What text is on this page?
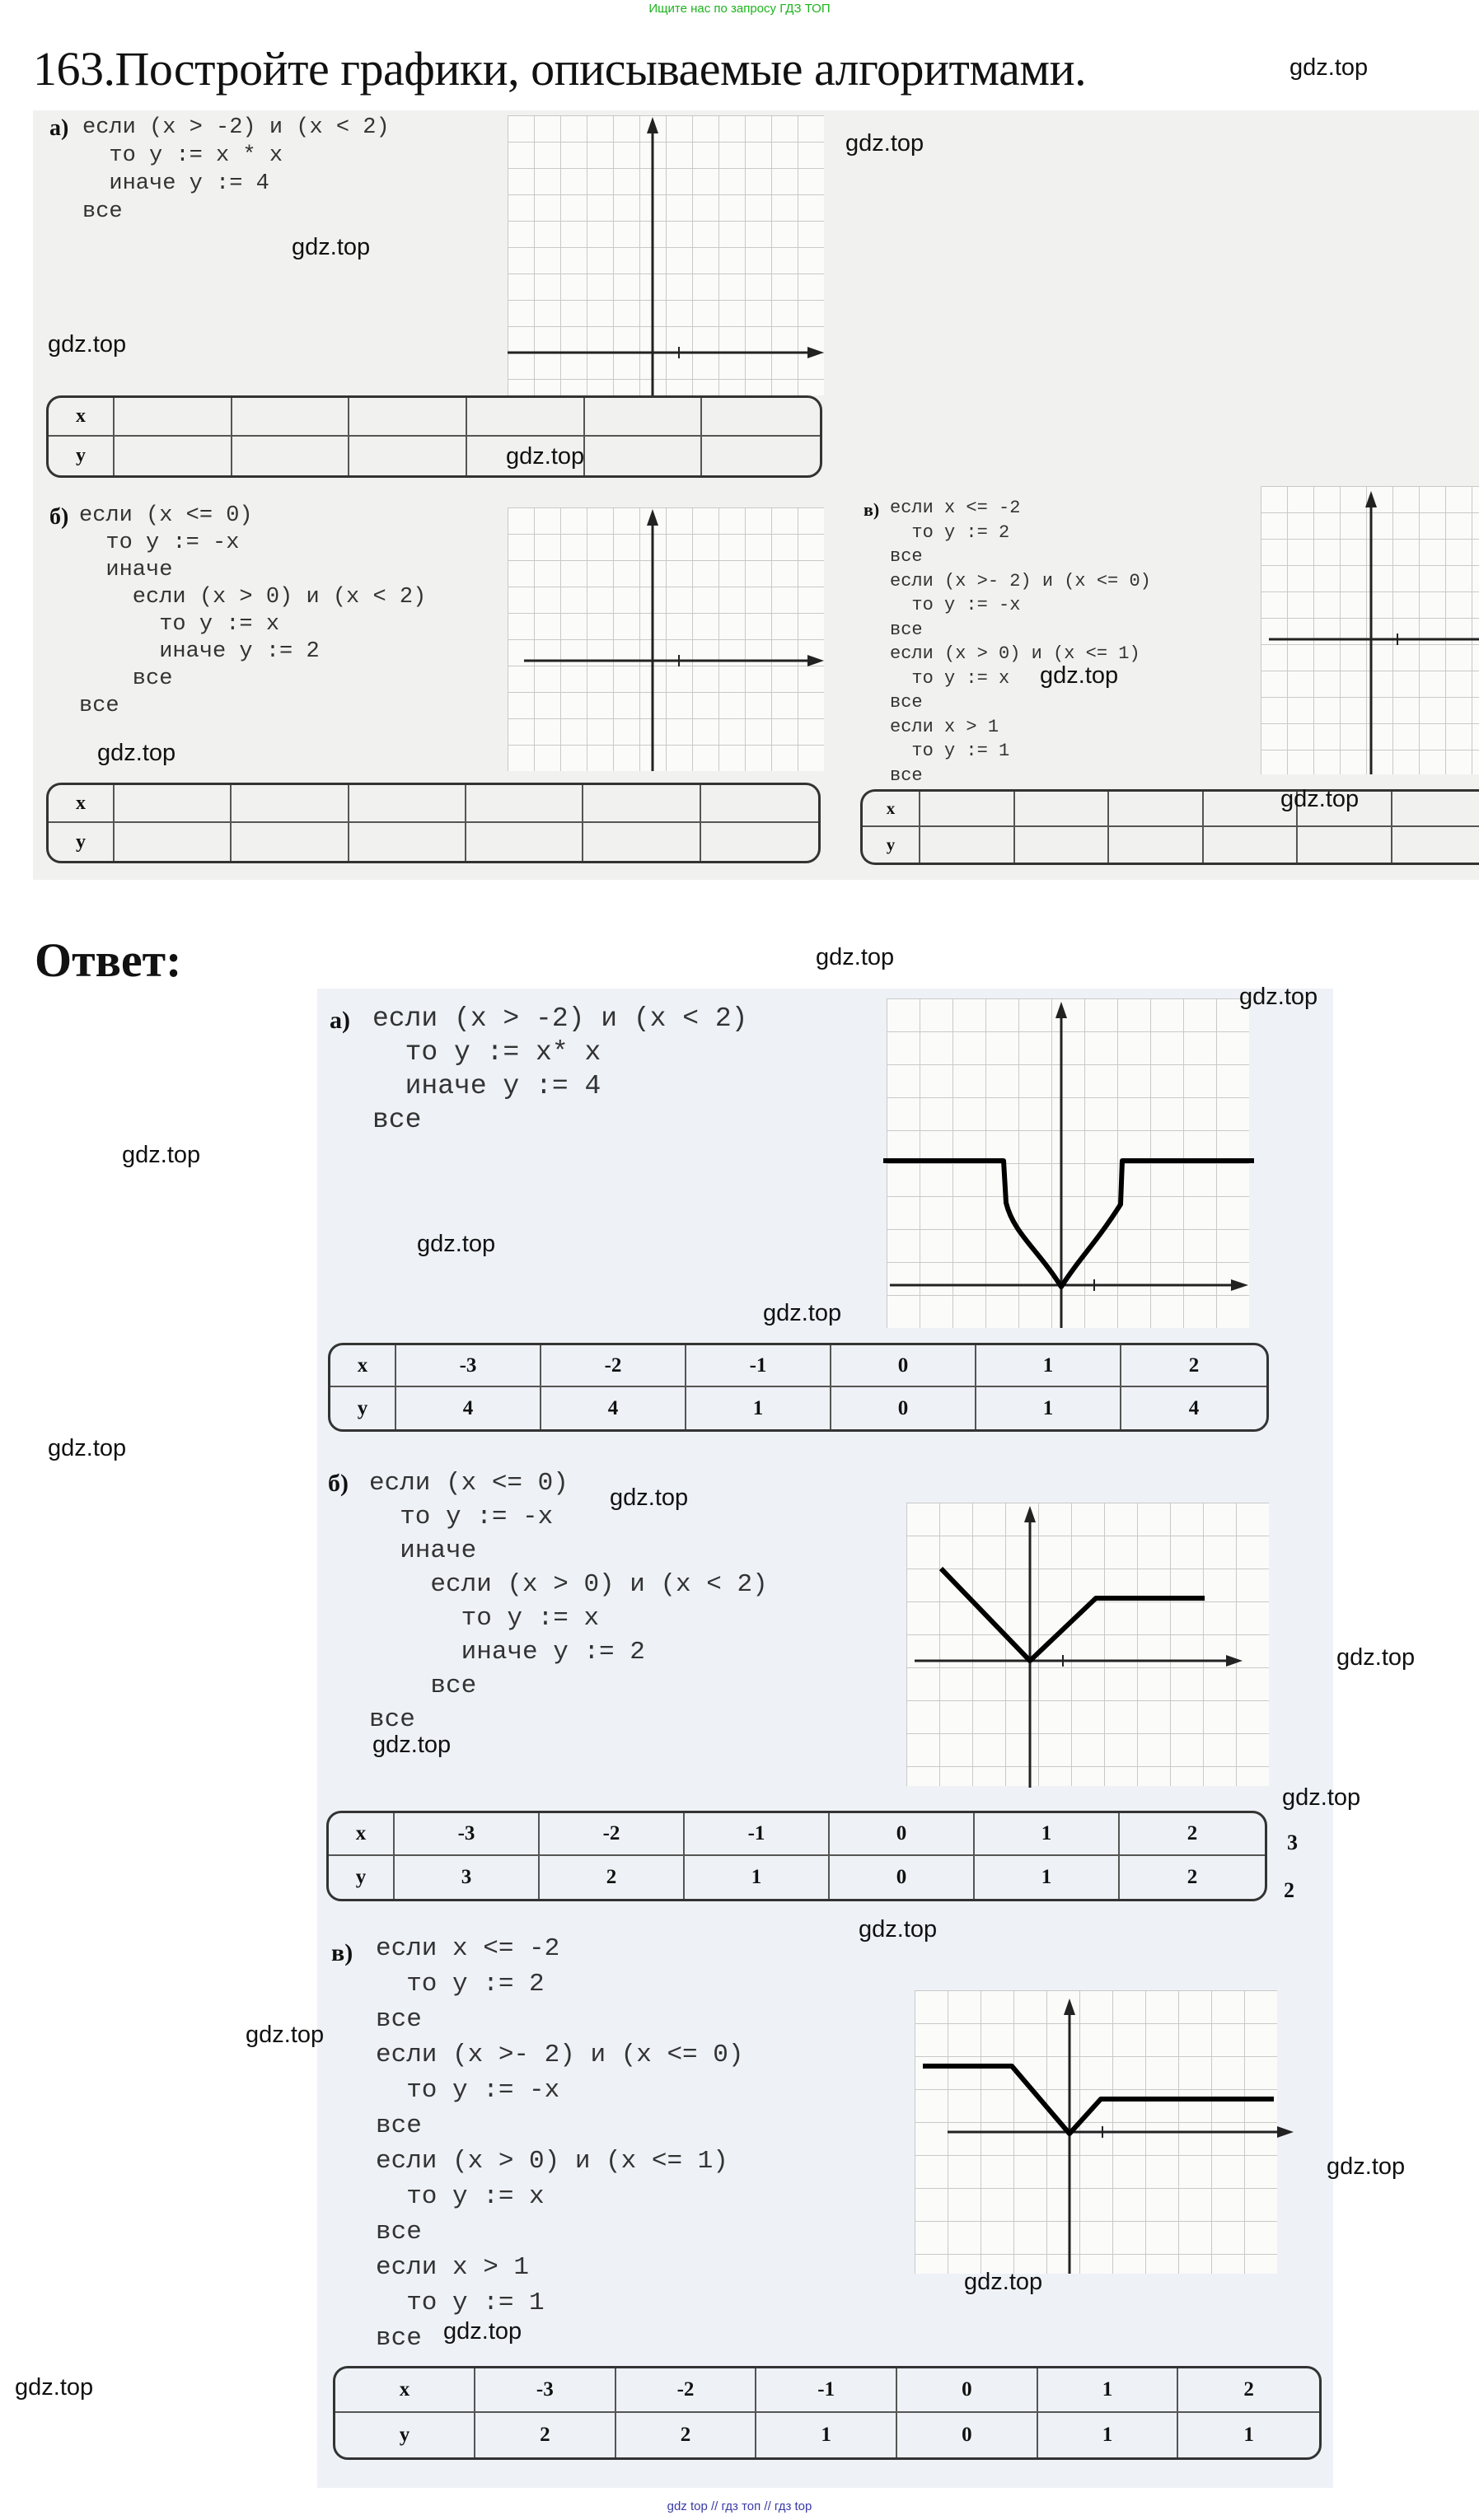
Ищите нас по запросу ГДЗ ТОП
163.Постройте графики, описываемые алгоритмами.
а) если (x > -2) и (x < 2)
то y := x * x
иначе y := 4
все
x
y
б) если (x <= 0)
то y := -x
иначе
если (x > 0) и (x < 2)
то y := x
иначе y := 2
все
все
x
y
в) если x <= -2
то y := 2
все
если (x >- 2) и (x <= 0)
то y := -x
все
если (x > 0) и (x <= 1)
то y := x
все
если x > 1
то y := 1
все
x
y
Ответ:
а) если (x > -2) и (x < 2)
то y := x* x
иначе y := 4
все
x	-3	-2	-1	0	1	2
y	4	4	1	0	1	4
б) если (x <= 0)
то y := -x
иначе
если (x > 0) и (x < 2)
то y := x
иначе y := 2
все
все
x	-3	-2	-1	0	1	2
y	3	2	1	0	1	2
3
2
в) если x <= -2
то y := 2
все
если (x >- 2) и (x <= 0)
то y := -x
все
если (x > 0) и (x <= 1)
то y := x
все
если x > 1
то y := 1
все
x	-3	-2	-1	0	1	2
y	2	2	1	0	1	1
gdz.top
gdz.top
gdz.top
gdz.top
gdz.top
gdz.top
gdz.top
gdz.top
gdz.top
gdz.top
gdz.top
gdz.top
gdz.top
gdz.top
gdz.top
gdz.top
gdz.top
gdz.top
gdz.top
gdz.top
gdz.top
gdz.top
gdz.top
gdz.top
gdz top // гдз топ // гдз top
